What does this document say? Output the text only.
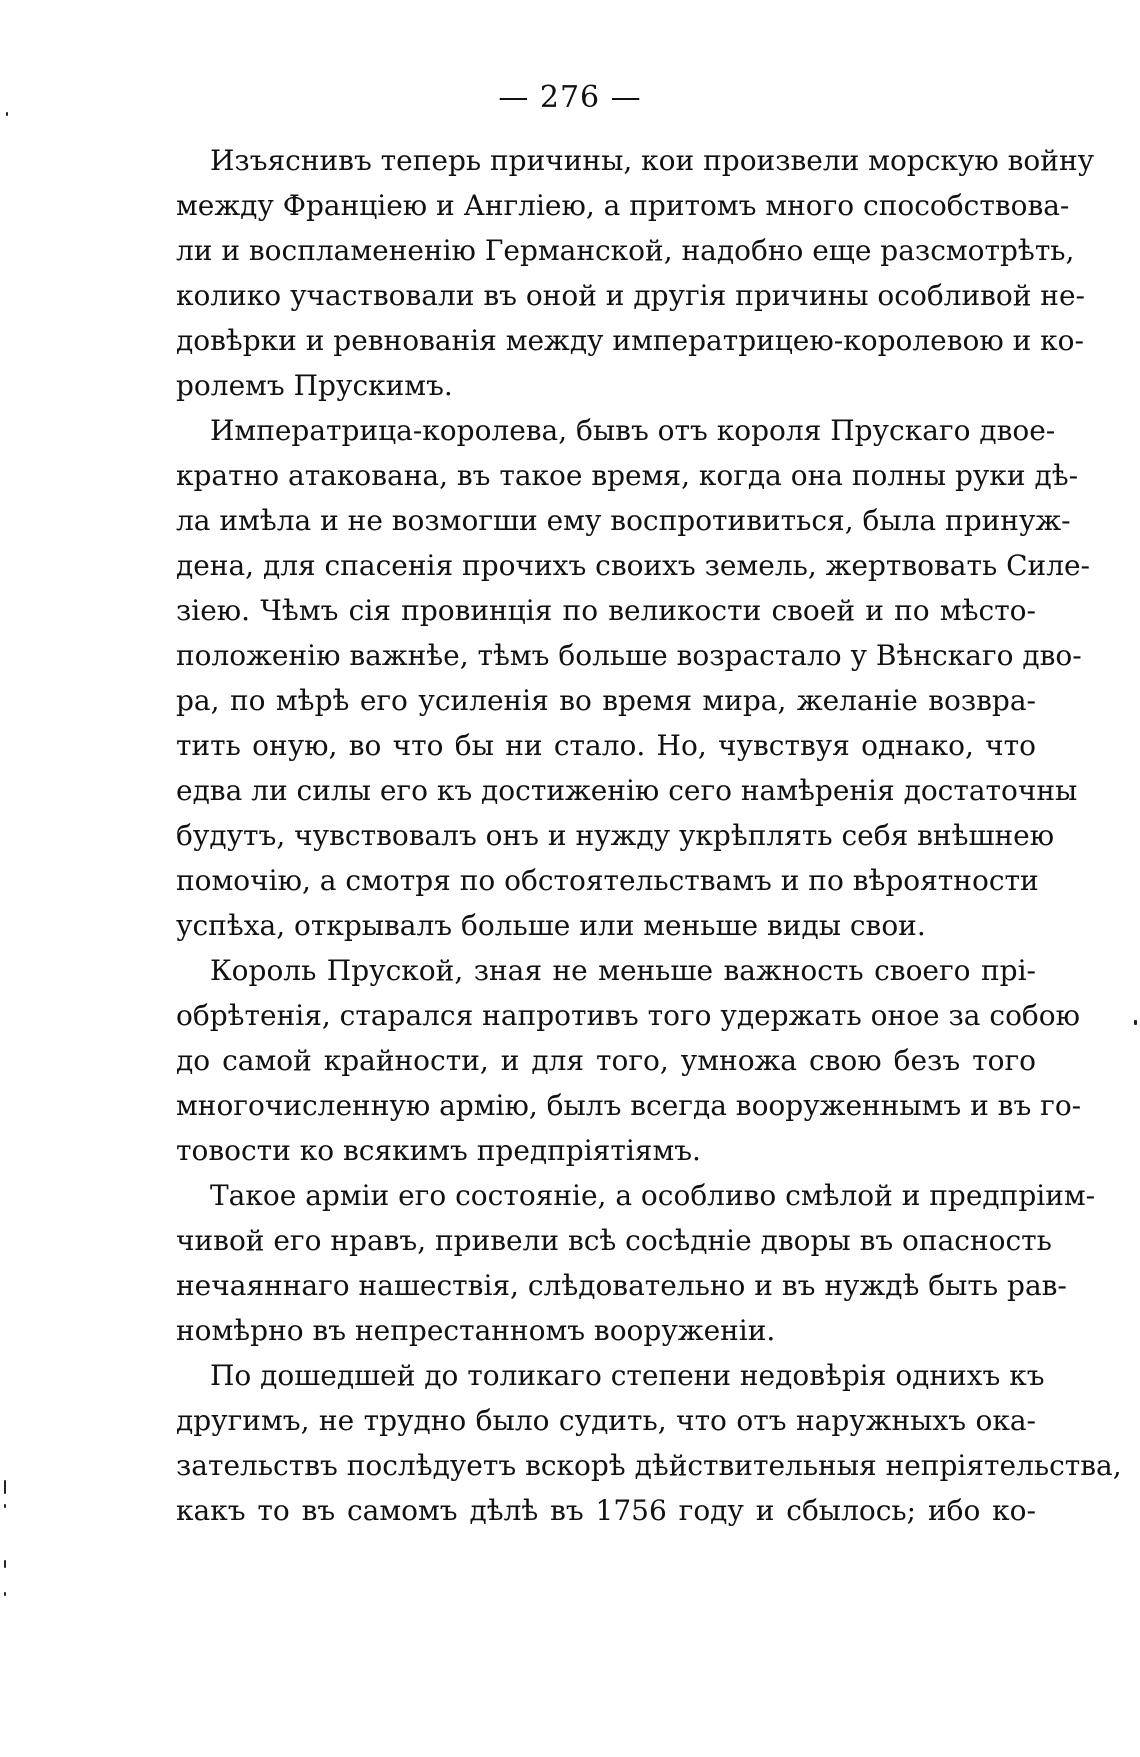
— 276 —
Изъяснивъ теперь причины, кои произвели морскую войну
между Франціею и Англіею, а притомъ много способствова-
ли и воспламененію Германской, надобно еще разсмотрѣть,
колико участвовали въ оной и другія причины особливой не-
довѣрки и ревнованія между императрицею-королевою и ко-
ролемъ Прускимъ.
Императрица-королева, бывъ отъ короля Прускаго двое-
кратно атакована, въ такое время, когда она полны руки дѣ-
ла имѣла и не возмогши ему воспротивиться, была принуж-
дена, для спасенія прочихъ своихъ земель, жертвовать Силе-
зіею. Чѣмъ сія провинція по великости своей и по мѣсто-
положенію важнѣе, тѣмъ больше возрастало у Вѣнскаго дво-
ра, по мѣрѣ его усиленія во время мира, желаніе возвра-
тить оную, во что бы ни стало. Но, чувствуя однако, что
едва ли силы его къ достиженію сего намѣренія достаточны
будутъ, чувствовалъ онъ и нужду укрѣплять себя внѣшнею
помочію, а смотря по обстоятельствамъ и по вѣроятности
успѣха, открывалъ больше или меньше виды свои.
Король Пруской, зная не меньше важность своего прі-
обрѣтенія, старался напротивъ того удержать оное за собою
до самой крайности, и для того, умножа свою безъ того
многочисленную армію, былъ всегда вооруженнымъ и въ го-
товости ко всякимъ предпріятіямъ.
Такое арміи его состояніе, а особливо смѣлой и предпріим-
чивой его нравъ, привели всѣ сосѣдніе дворы въ опасность
нечаяннаго нашествія, слѣдовательно и въ нуждѣ быть рав-
номѣрно въ непрестанномъ вооруженіи.
По дошедшей до толикаго степени недовѣрія однихъ къ
другимъ, не трудно было судить, что отъ наружныхъ ока-
зательствъ послѣдуетъ вскорѣ дѣйствительныя непріятельства,
какъ то въ самомъ дѣлѣ въ 1756 году и сбылось; ибо ко-
